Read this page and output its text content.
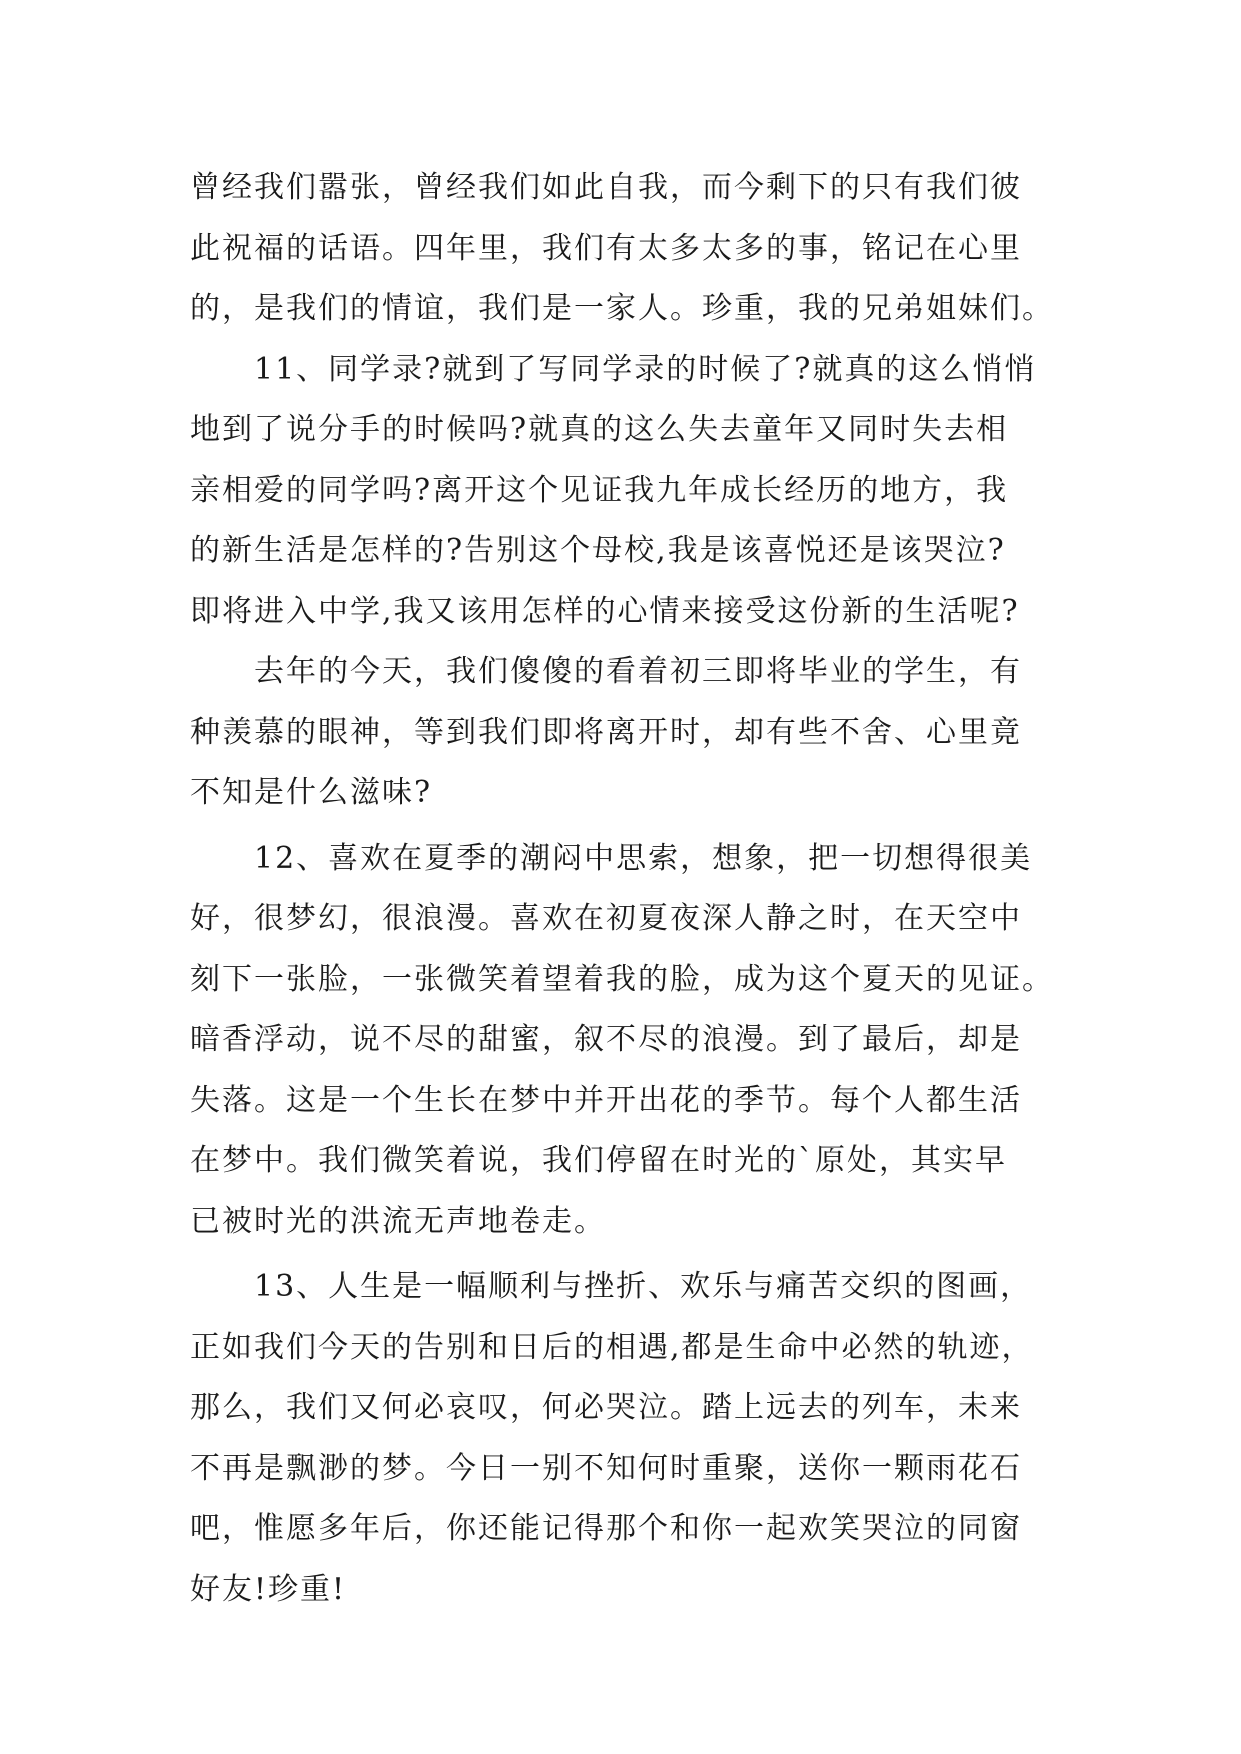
曾经我们嚣张，曾经我们如此自我，而今剩下的只有我们彼
此祝福的话语。四年里，我们有太多太多的事，铭记在心里
的，是我们的情谊，我们是一家人。珍重，我的兄弟姐妹们。
11、同学录?就到了写同学录的时候了?就真的这么悄悄
地到了说分手的时候吗?就真的这么失去童年又同时失去相
亲相爱的同学吗?离开这个见证我九年成长经历的地方，我
的新生活是怎样的?告别这个母校,我是该喜悦还是该哭泣?
即将进入中学,我又该用怎样的心情来接受这份新的生活呢?
去年的今天，我们傻傻的看着初三即将毕业的学生，有
种羡慕的眼神，等到我们即将离开时，却有些不舍、心里竟
不知是什么滋味?
12、喜欢在夏季的潮闷中思索，想象，把一切想得很美
好，很梦幻，很浪漫。喜欢在初夏夜深人静之时，在天空中
刻下一张脸，一张微笑着望着我的脸，成为这个夏天的见证。
暗香浮动，说不尽的甜蜜，叙不尽的浪漫。到了最后，却是
失落。这是一个生长在梦中并开出花的季节。每个人都生活
在梦中。我们微笑着说，我们停留在时光的`原处，其实早
已被时光的洪流无声地卷走。
13、人生是一幅顺利与挫折、欢乐与痛苦交织的图画，
正如我们今天的告别和日后的相遇,都是生命中必然的轨迹，
那么，我们又何必哀叹，何必哭泣。踏上远去的列车，未来
不再是飘渺的梦。今日一别不知何时重聚，送你一颗雨花石
吧，惟愿多年后，你还能记得那个和你一起欢笑哭泣的同窗
好友!珍重!
